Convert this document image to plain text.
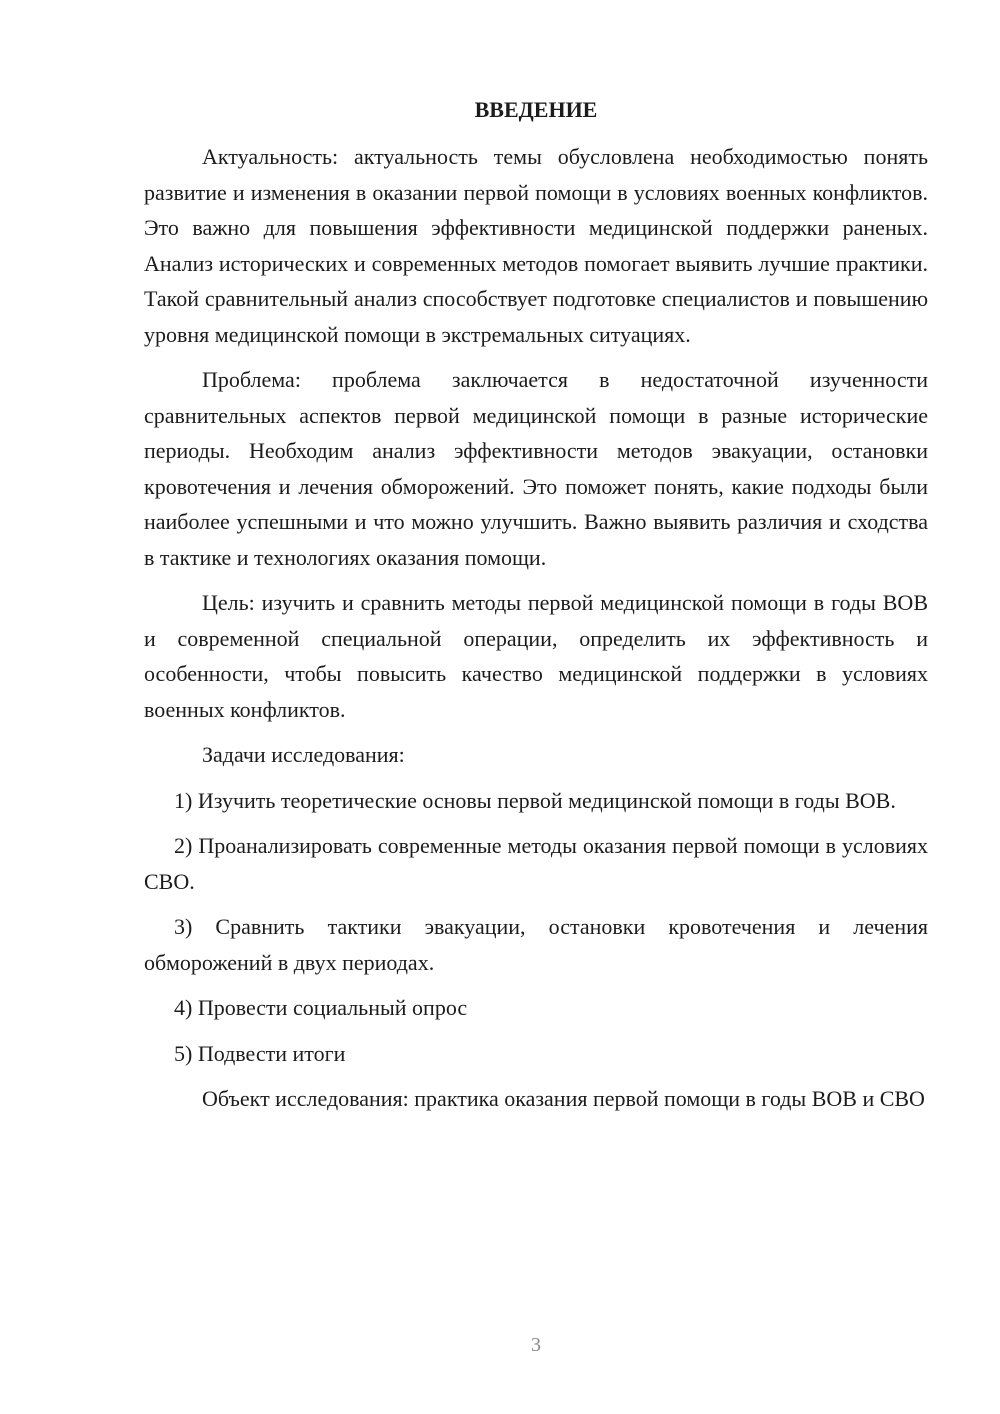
ВВЕДЕНИЕ

Актуальность: актуальность темы обусловлена необходимостью понять развитие и изменения в оказании первой помощи в условиях военных конфликтов. Это важно для повышения эффективности медицинской поддержки раненых. Анализ исторических и современных методов помогает выявить лучшие практики. Такой сравнительный анализ способствует подготовке специалистов и повышению уровня медицинской помощи в экстремальных ситуациях.

Проблема: проблема заключается в недостаточной изученности сравнительных аспектов первой медицинской помощи в разные исторические периоды. Необходим анализ эффективности методов эвакуации, остановки кровотечения и лечения обморожений. Это поможет понять, какие подходы были наиболее успешными и что можно улучшить. Важно выявить различия и сходства в тактике и технологиях оказания помощи.

Цель: изучить и сравнить методы первой медицинской помощи в годы ВОВ и современной специальной операции, определить их эффективность и особенности, чтобы повысить качество медицинской поддержки в условиях военных конфликтов.

Задачи исследования:

1) Изучить теоретические основы первой медицинской помощи в годы ВОВ.

2) Проанализировать современные методы оказания первой помощи в условиях СВО.

3) Сравнить тактики эвакуации, остановки кровотечения и лечения обморожений в двух периодах.

4) Провести социальный опрос

5) Подвести итоги

Объект исследования: практика оказания первой помощи в годы ВОВ и СВО

3
